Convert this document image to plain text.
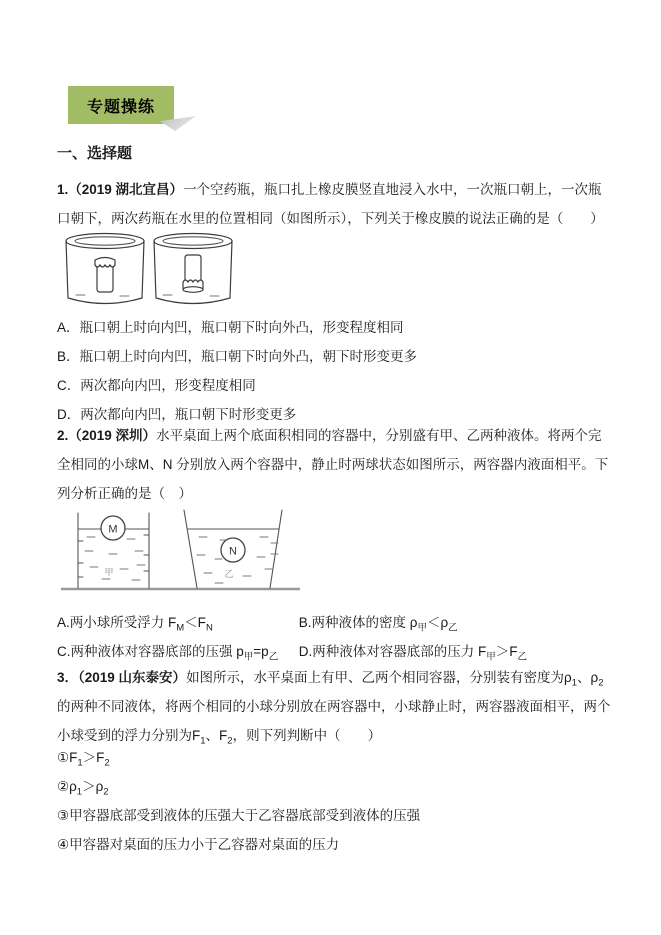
专题操练
一、选择题

1.（2019 湖北宜昌）一个空药瓶，瓶口扎上橡皮膜竖直地浸入水中，一次瓶口朝上，一次瓶口朝下，两次药瓶在水里的位置相同（如图所示），下列关于橡皮膜的说法正确的是（　　）

A．瓶口朝上时向内凹，瓶口朝下时向外凸，形变程度相同
B．瓶口朝上时向内凹，瓶口朝下时向外凸，朝下时形变更多
C．两次都向内凹，形变程度相同
D．两次都向内凹，瓶口朝下时形变更多

2.（2019 深圳）水平桌面上两个底面积相同的容器中，分别盛有甲、乙两种液体。将两个完全相同的小球M、N 分别放入两个容器中，静止时两球状态如图所示，两容器内液面相平。下列分析正确的是（　）

M
甲
N
乙
A.两小球所受浮力 $F_M<F_N$	B.两种液体的密度 $\rho_甲<\rho_乙$
C.两种液体对容器底部的压强 $p_甲=p_乙$ D.两种液体对容器底部的压力 $F_甲>F_乙$

3．（2019 山东泰安）如图所示，水平桌面上有甲、乙两个相同容器，分别装有密度为$\rho_1$、$\rho_2$的两种不同液体，将两个相同的小球分别放在两容器中，小球静止时，两容器液面相平，两个小球受到的浮力分别为$F_1$、$F_2$，则下列判断中（　　）

$①F_1>F_2$
$②\rho_1>\rho_2$
③甲容器底部受到液体的压强大于乙容器底部受到液体的压强
④甲容器对桌面的压力小于乙容器对桌面的压力
